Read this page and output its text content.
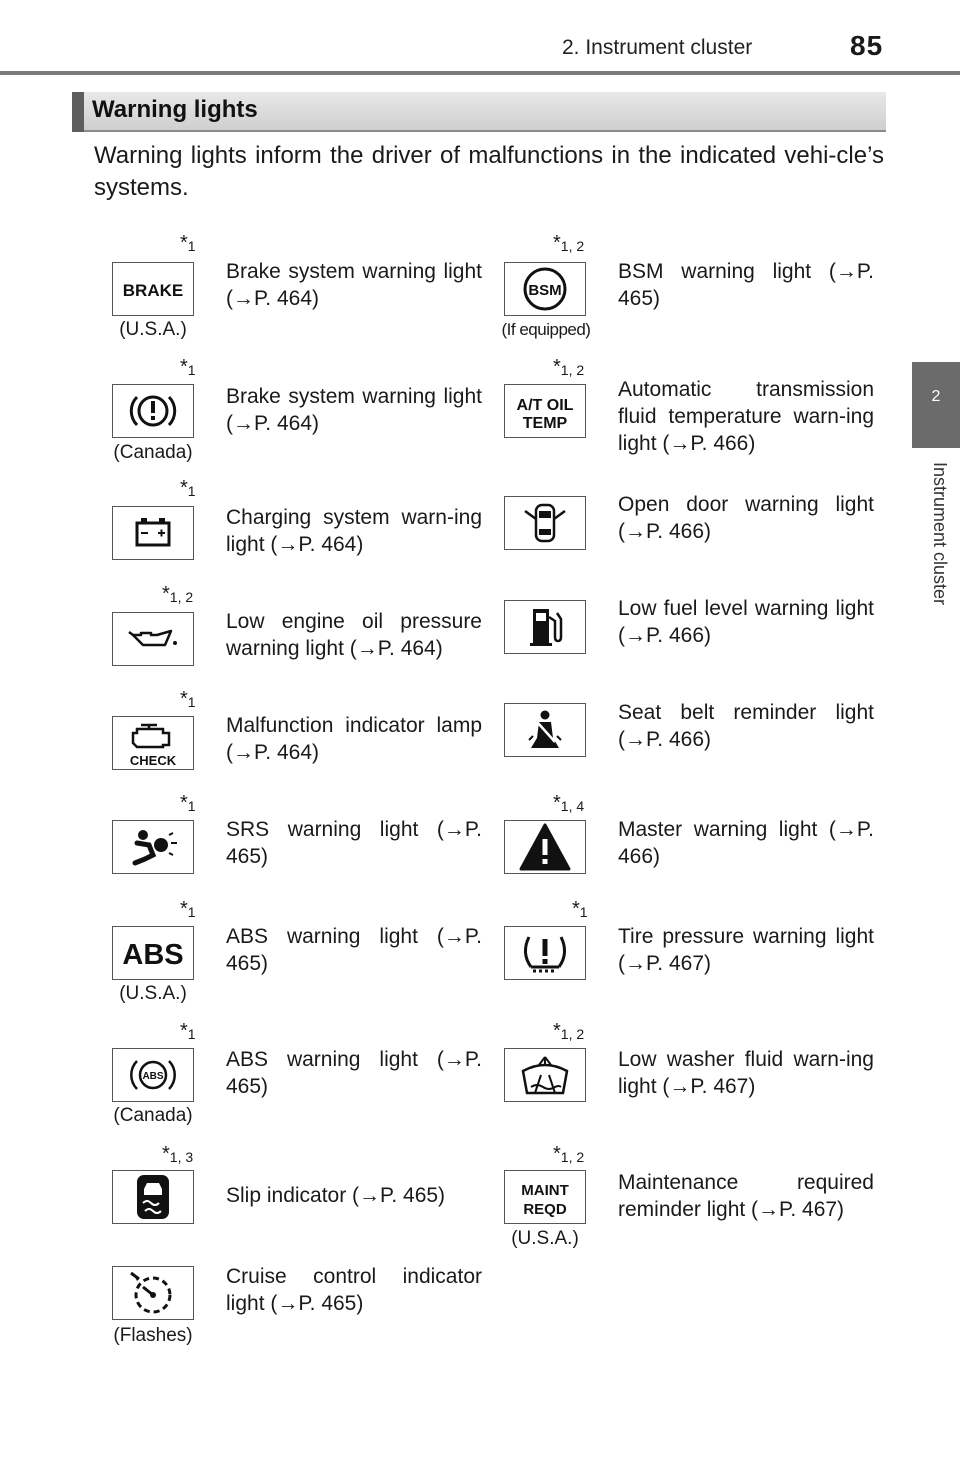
2. Instrument cluster	85
2
Instrument cluster
Warning lights
Warning lights inform the driver of malfunctions in the indicated vehi-cle’s systems.
$*_1$
BRAKE
(U.S.A.)
Brake system warning light (→P. 464)
$*_1$
(Canada)
Brake system warning light (→P. 464)
$*_1$
Charging system warn-ing light (→P. 464)
$*_{1, 2}$
Low engine oil pressure warning light (→P. 464)
$*_1$
CHECK
Malfunction indicator lamp (→P. 464)
$*_1$
SRS warning light (→P. 465)
$*_1$
ABS
(U.S.A.)
ABS warning light (→P. 465)
$*_1$
ABS
(Canada)
ABS warning light (→P. 465)
$*_{1, 3}$
Slip indicator (→P. 465)
(Flashes)
Cruise control indicator light (→P. 465)
$*_{1, 2}$
BSM
(If equipped)
BSM warning light (→P. 465)
$*_{1, 2}$
A/T OIL
TEMP
Automatic transmission fluid temperature warn-ing light (→P. 466)
Open door warning light (→P. 466)
Low fuel level warning light (→P. 466)
Seat belt reminder light (→P. 466)
$*_{1, 4}$
Master warning light (→P. 466)
$*_1$
Tire pressure warning light (→P. 467)
$*_{1, 2}$
Low washer fluid warn-ing light (→P. 467)
$*_{1, 2}$
MAINT
REQD
(U.S.A.)
Maintenance required reminder light (→P. 467)
